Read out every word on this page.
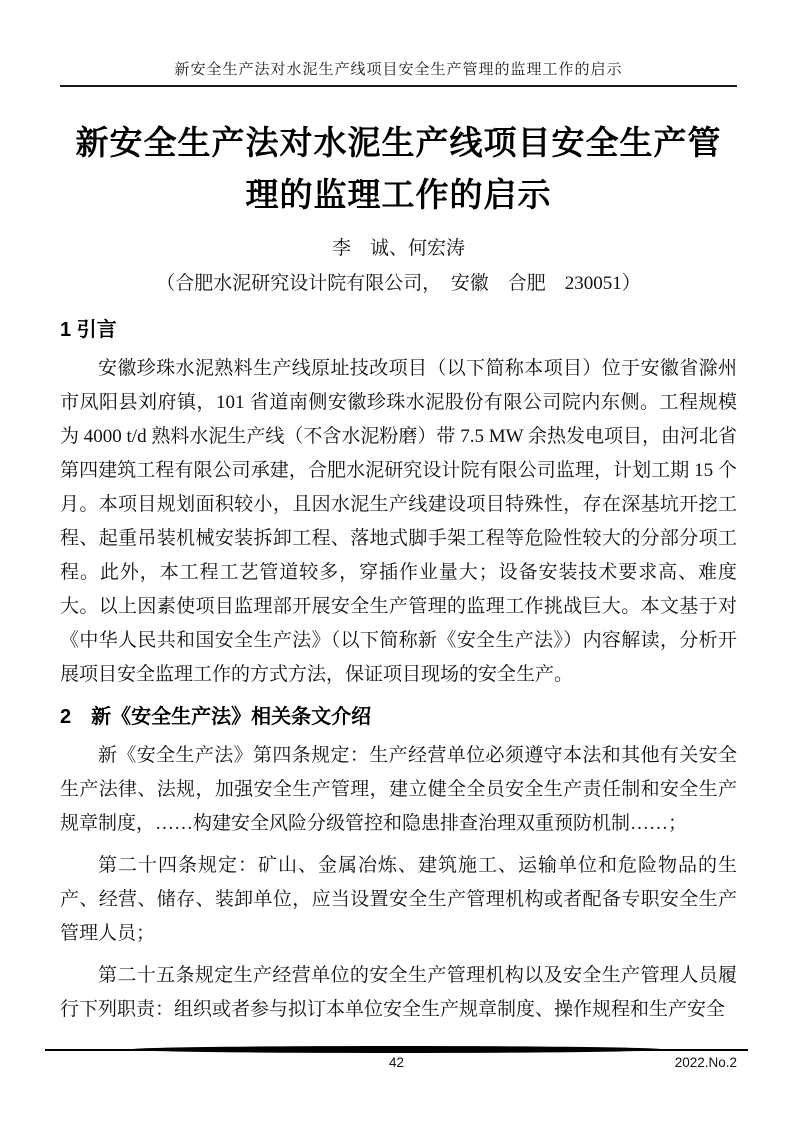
新安全生产法对水泥生产线项目安全生产管理的监理工作的启示
新安全生产法对水泥生产线项目安全生产管理的监理工作的启示
李　诚、何宏涛
（合肥水泥研究设计院有限公司，　安徽　合肥　230051）
1 引言

安徽珍珠水泥熟料生产线原址技改项目（以下简称本项目）位于安徽省滁州市凤阳县刘府镇，101 省道南侧安徽珍珠水泥股份有限公司院内东侧。工程规模为 4000 t/d 熟料水泥生产线（不含水泥粉磨）带 7.5 MW 余热发电项目，由河北省第四建筑工程有限公司承建，合肥水泥研究设计院有限公司监理，计划工期 15 个月。本项目规划面积较小，且因水泥生产线建设项目特殊性，存在深基坑开挖工程、起重吊装机械安装拆卸工程、落地式脚手架工程等危险性较大的分部分项工程。此外，本工程工艺管道较多，穿插作业量大；设备安装技术要求高、难度大。以上因素使项目监理部开展安全生产管理的监理工作挑战巨大。本文基于对《中华人民共和国安全生产法》（以下简称新《安全生产法》）内容解读，分析开展项目安全监理工作的方式方法，保证项目现场的安全生产。

2　新《安全生产法》相关条文介绍

新《安全生产法》第四条规定：生产经营单位必须遵守本法和其他有关安全生产法律、法规，加强安全生产管理，建立健全全员安全生产责任制和安全生产规章制度，……构建安全风险分级管控和隐患排查治理双重预防机制……；

第二十四条规定：矿山、金属冶炼、建筑施工、运输单位和危险物品的生产、经营、储存、装卸单位，应当设置安全生产管理机构或者配备专职安全生产管理人员；

第二十五条规定生产经营单位的安全生产管理机构以及安全生产管理人员履行下列职责：组织或者参与拟订本单位安全生产规章制度、操作规程和生产安全

42	2022.No.2
